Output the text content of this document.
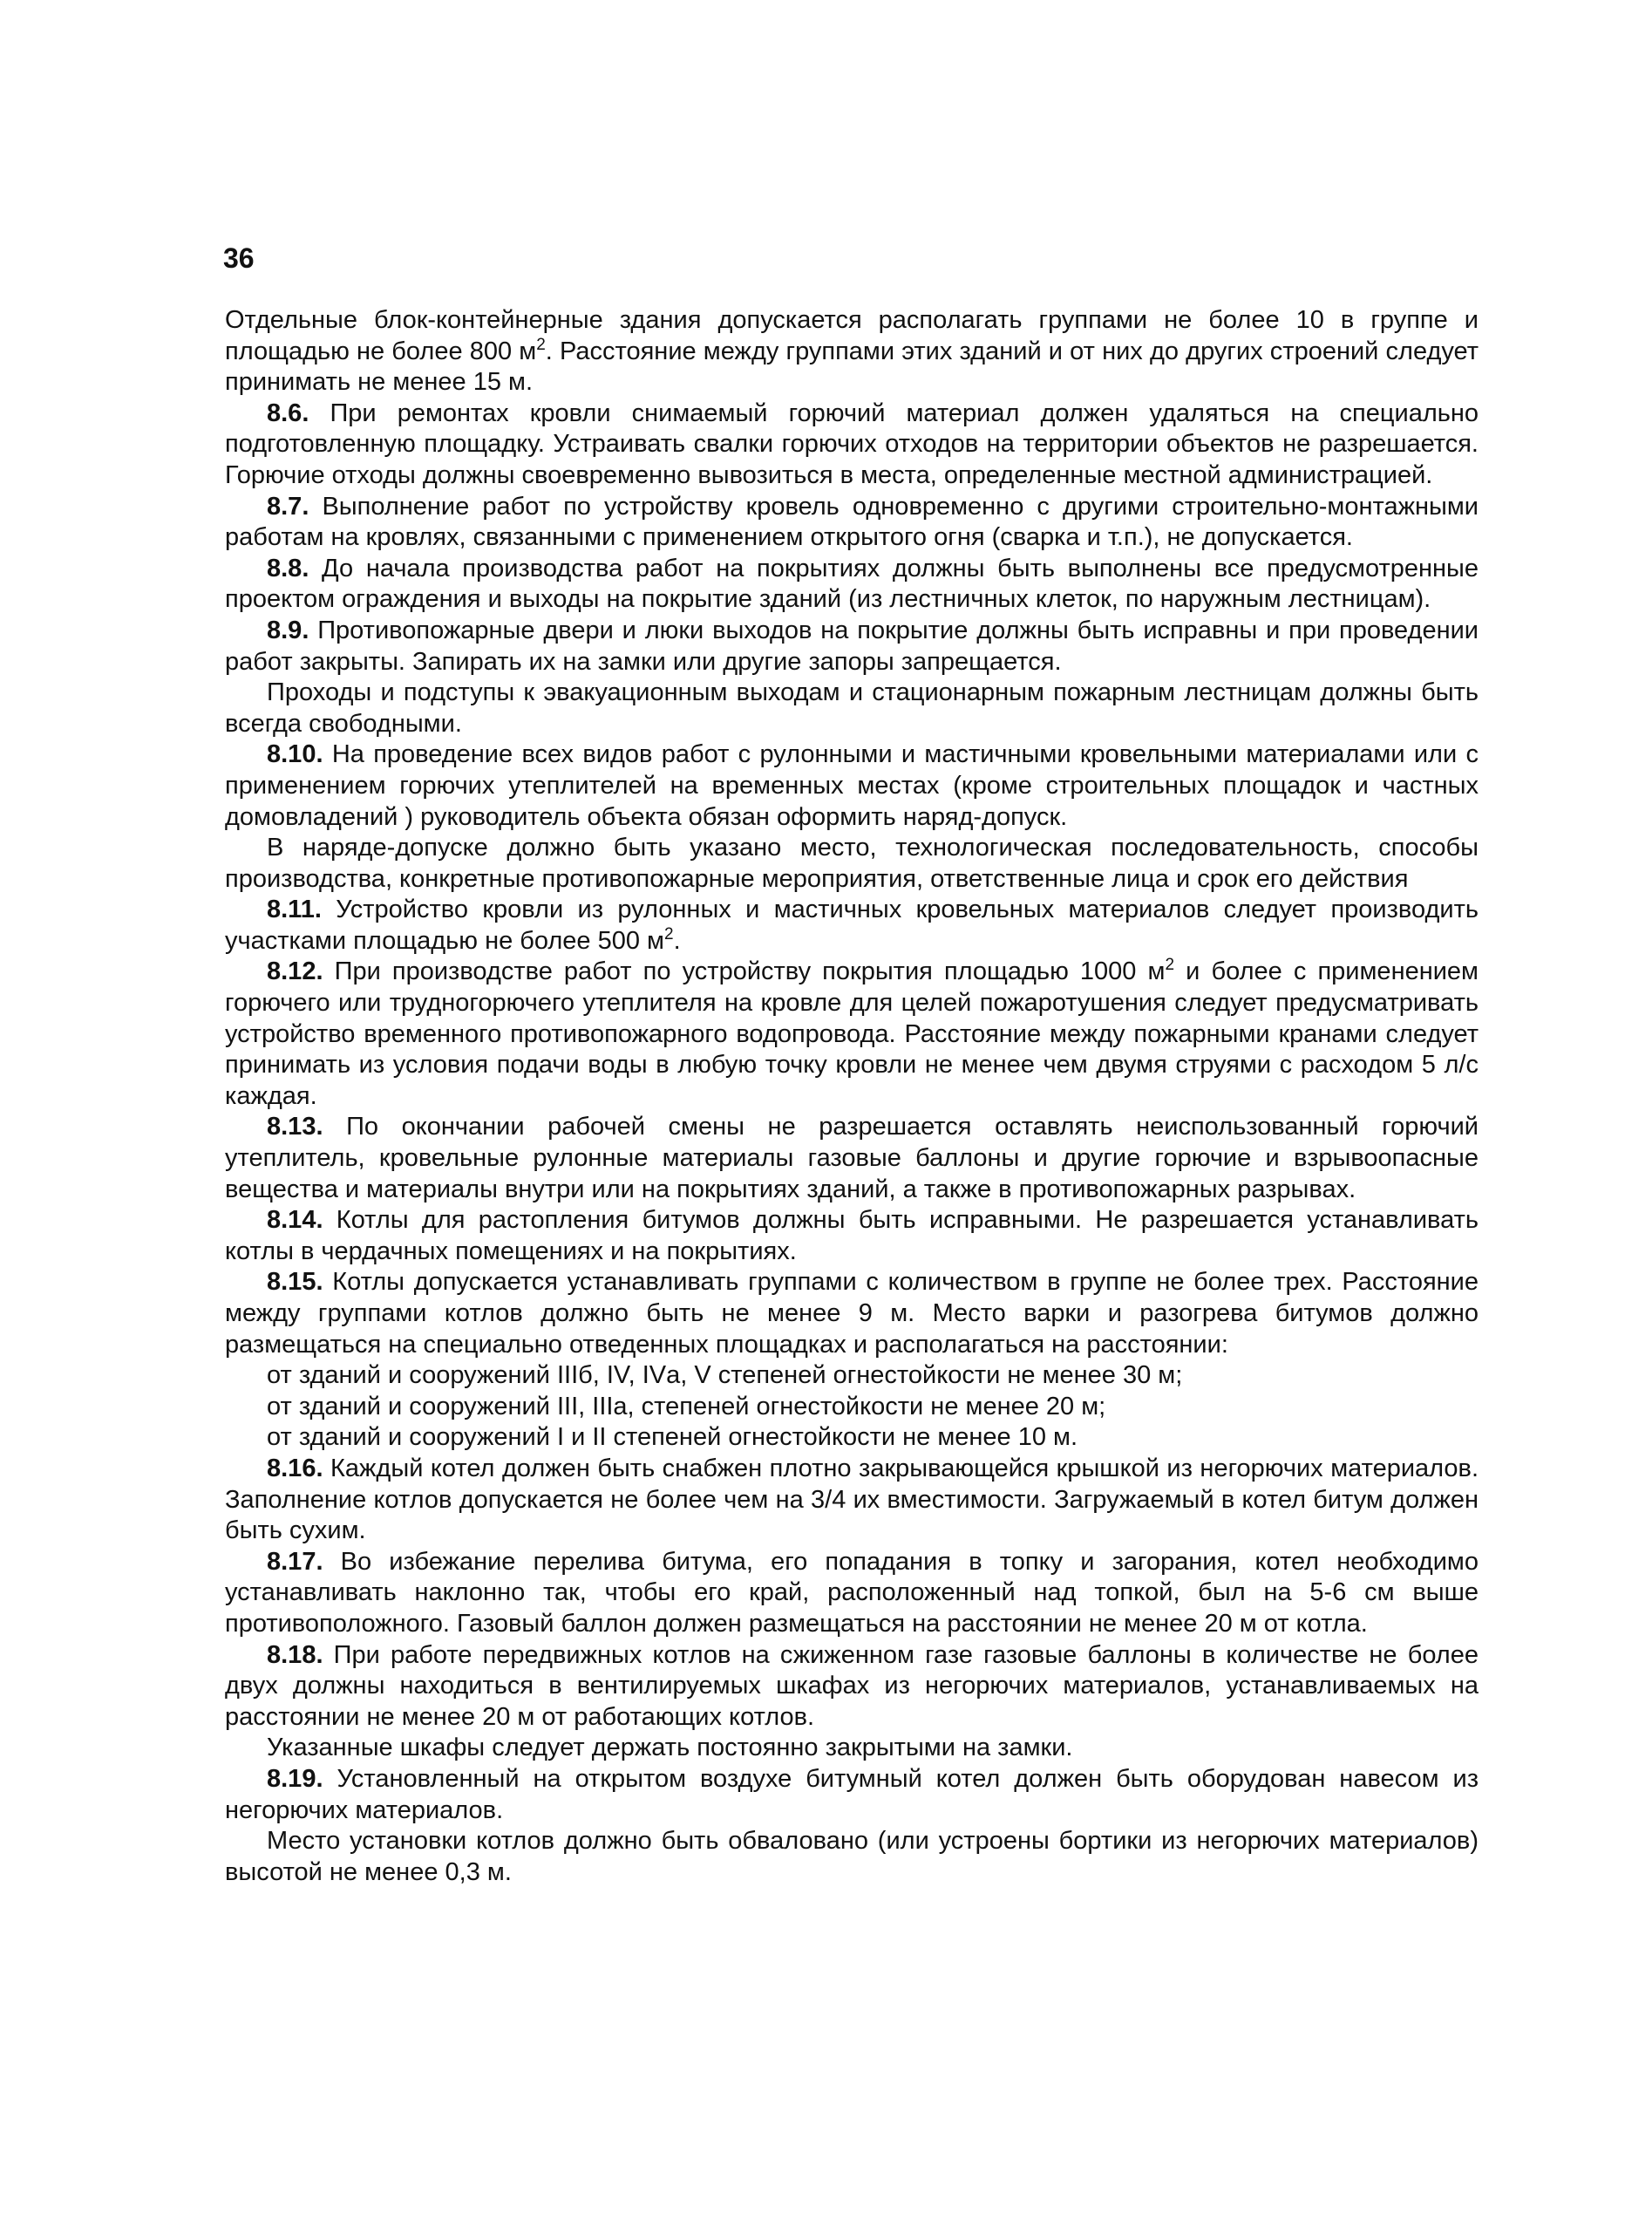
36

Отдельные блок-контейнерные здания допускается располагать группами не более 10 в группе и площадью не более 800 $м^2$. Расстояние между группами этих зданий и от них до других строений следует принимать не менее 15 м.

8.6. При ремонтах кровли снимаемый горючий материал должен удаляться на специально подготовленную площадку. Устраивать свалки горючих отходов на территории объектов не разрешается. Горючие отходы должны своевременно вывозиться в места, определенные местной администрацией.

8.7. Выполнение работ по устройству кровель одновременно с другими строительно-монтажными работам на кровлях, связанными с применением открытого огня (сварка и т.п.), не допускается.

8.8. До начала производства работ на покрытиях должны быть выполнены все предусмотренные проектом ограждения и выходы на покрытие зданий (из лестничных клеток, по наружным лестницам).

8.9. Противопожарные двери и люки выходов на покрытие должны быть исправны и при проведении работ закрыты. Запирать их на замки или другие запоры запрещается.

Проходы и подступы к эвакуационным выходам и стационарным пожарным лестницам должны быть всегда свободными.

8.10. На проведение всех видов работ с рулонными и мастичными кровельными материалами или с применением горючих утеплителей на временных местах (кроме строительных площадок и частных домовладений ) руководитель объекта обязан оформить наряд-допуск.

В наряде-допуске должно быть указано место, технологическая последовательность, способы производства, конкретные противопожарные мероприятия, ответственные лица и срок его действия

8.11. Устройство кровли из рулонных и мастичных кровельных материалов следует производить участками площадью не более 500 $м^2$.

8.12. При производстве работ по устройству покрытия площадью 1000 $м^2$ и более с применением горючего или трудногорючего утеплителя на кровле для целей пожаротушения следует предусматривать устройство временного противопожарного водопровода. Расстояние между пожарными кранами следует принимать из условия подачи воды в любую точку кровли не менее чем двумя струями с расходом 5 л/с каждая.

8.13. По окончании рабочей смены не разрешается оставлять неиспользованный горючий утеплитель, кровельные рулонные материалы газовые баллоны и другие горючие и взрывоопасные вещества и материалы внутри или на покрытиях зданий, а также в противопожарных разрывах.

8.14. Котлы для растопления битумов должны быть исправными. Не разрешается устанавливать котлы в чердачных помещениях и на покрытиях.

8.15. Котлы допускается устанавливать группами с количеством в группе не более трех. Расстояние между группами котлов должно быть не менее 9 м. Место варки и разогрева битумов должно размещаться на специально отведенных площадках и располагаться на расстоянии:

от зданий и сооружений IIIб, IV, IVа, V степеней огнестойкости не менее 30 м;

от зданий и сооружений III, IIIа, степеней огнестойкости не менее 20 м;

от зданий и сооружений I и II степеней огнестойкости не менее 10 м.

8.16. Каждый котел должен быть снабжен плотно закрывающейся крышкой из негорючих материалов. Заполнение котлов допускается не более чем на 3/4 их вместимости. Загружаемый в котел битум должен быть сухим.

8.17. Во избежание перелива битума, его попадания в топку и загорания, котел необходимо устанавливать наклонно так, чтобы его край, расположенный над топкой, был на 5-6 см выше противоположного. Газовый баллон должен размещаться на расстоянии не менее 20 м от котла.

8.18. При работе передвижных котлов на сжиженном газе газовые баллоны в количестве не более двух должны находиться в вентилируемых шкафах из негорючих материалов, устанавливаемых на расстоянии не менее 20 м от работающих котлов.

Указанные шкафы следует держать постоянно закрытыми на замки.

8.19. Установленный на открытом воздухе битумный котел должен быть оборудован навесом из негорючих материалов.

Место установки котлов должно быть обваловано (или устроены бортики из негорючих материалов) высотой не менее 0,3 м.
